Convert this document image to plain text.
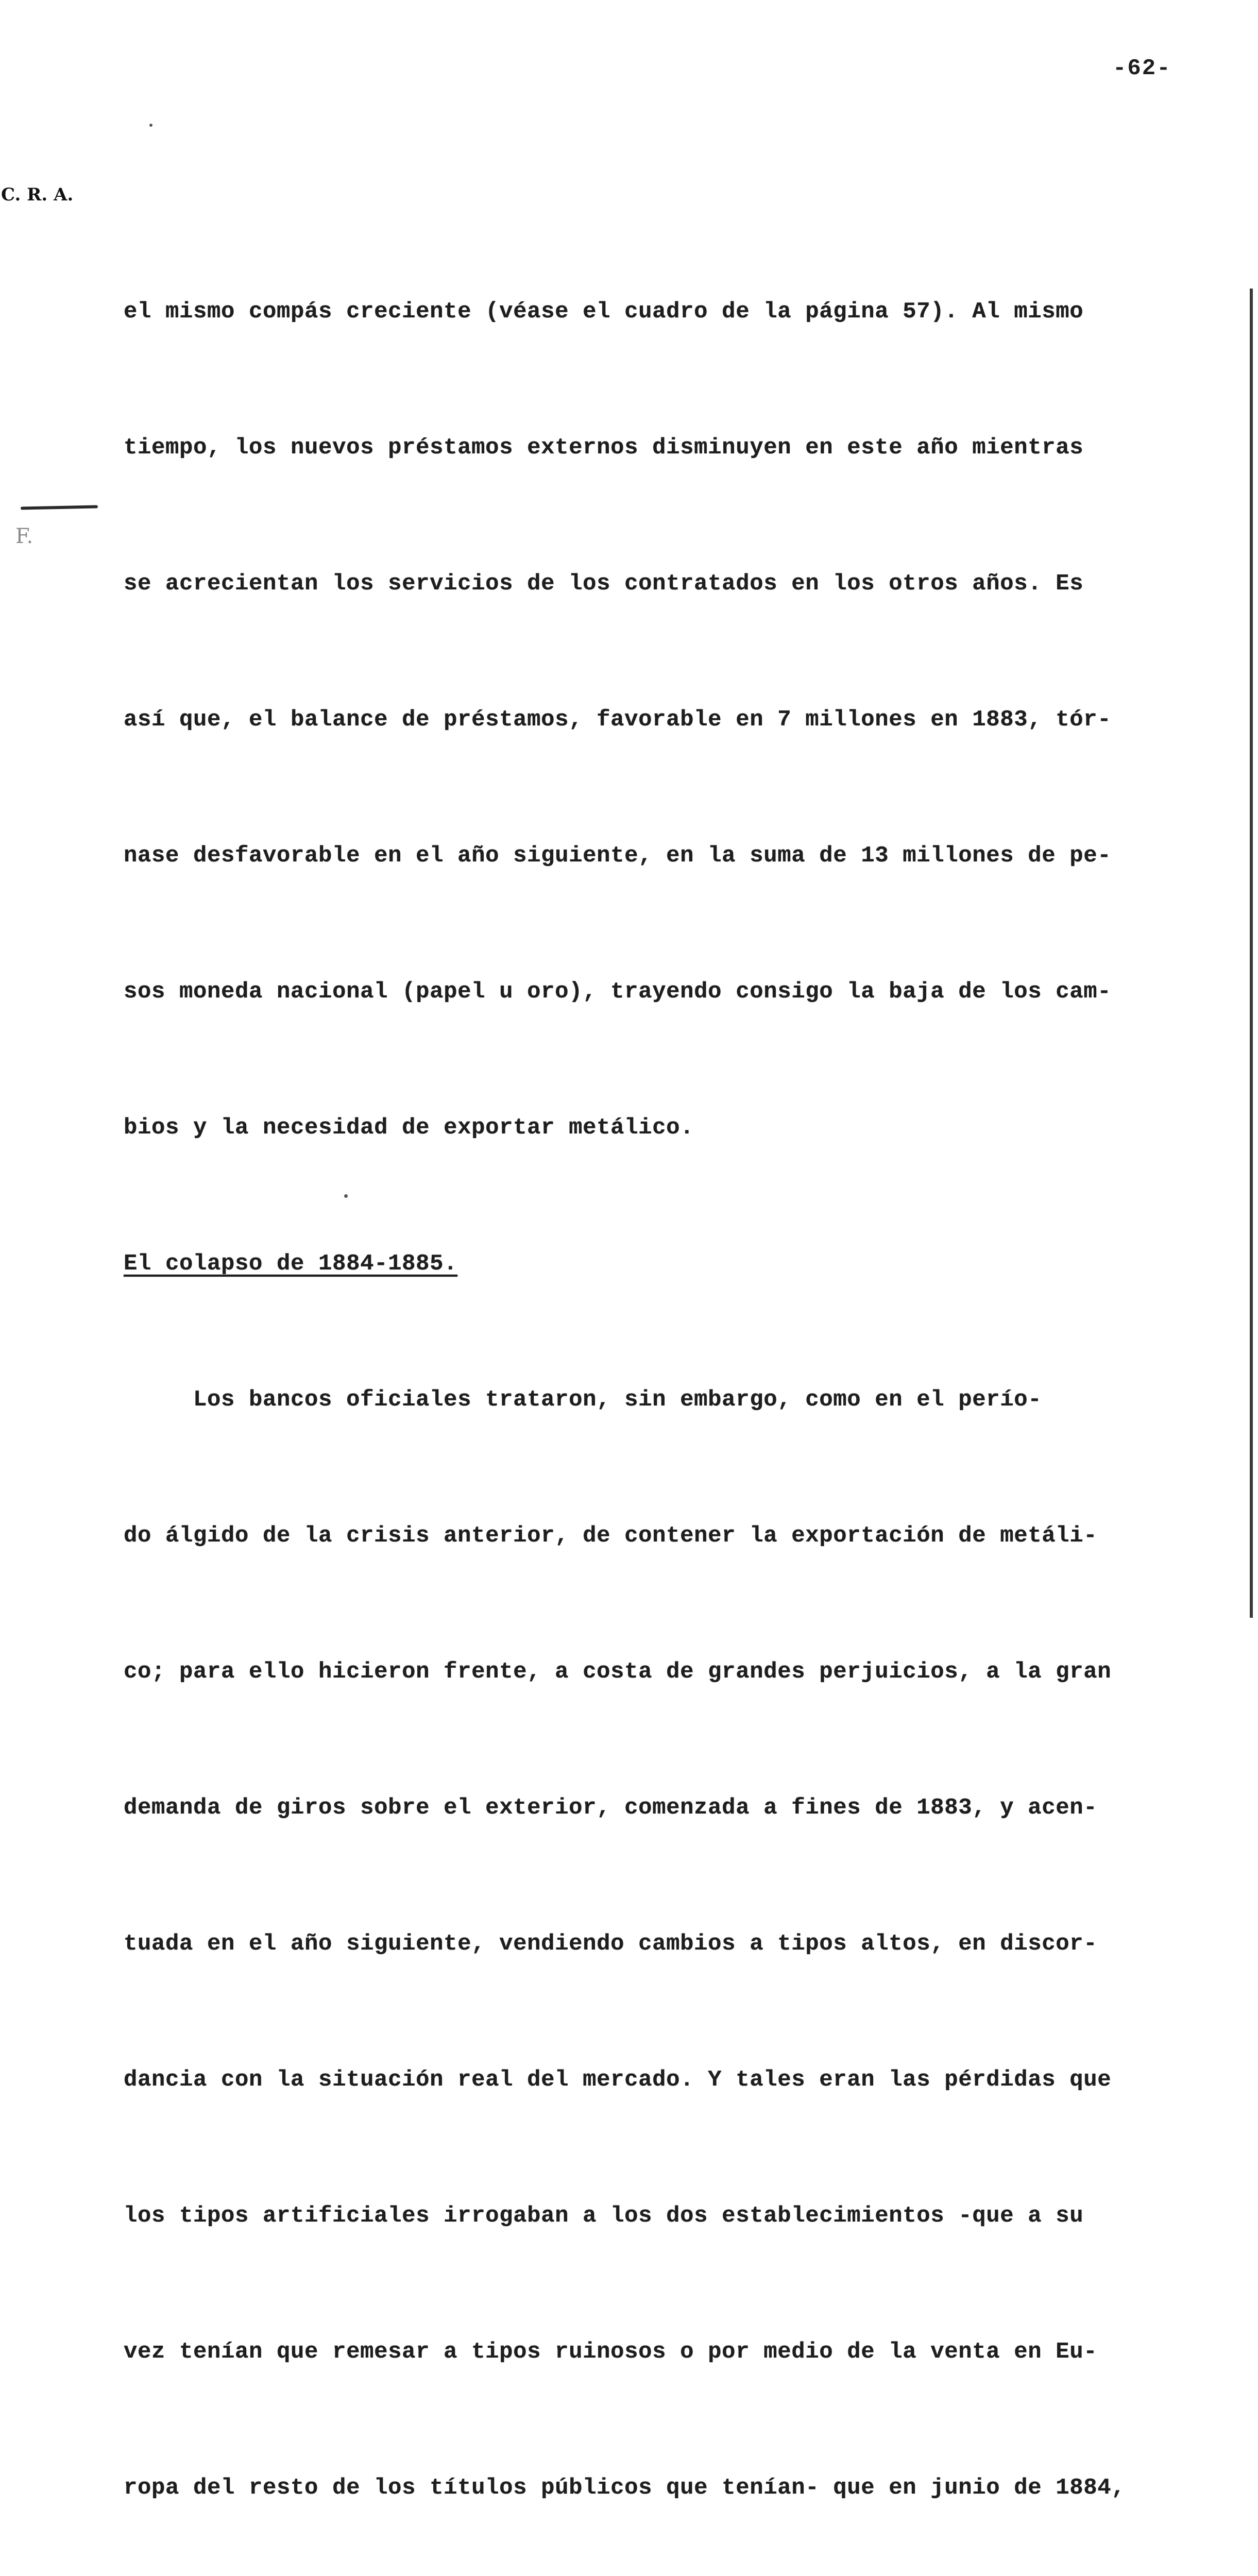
-62-
C. R. A.
F.

el mismo compás creciente (véase el cuadro de la página 57). Al mismo

tiempo, los nuevos préstamos externos disminuyen en este año mientras

se acrecientan los servicios de los contratados en los otros años. Es

así que, el balance de préstamos, favorable en 7 millones en 1883, tór-

nase desfavorable en el año siguiente, en la suma de 13 millones de pe-

sos moneda nacional (papel u oro), trayendo consigo la baja de los cam-

bios y la necesidad de exportar metálico.

El colapso de 1884-1885.

Los bancos oficiales trataron, sin embargo, como en el perío-

do álgido de la crisis anterior, de contener la exportación de metáli-

co; para ello hicieron frente, a costa de grandes perjuicios, a la gran

demanda de giros sobre el exterior, comenzada a fines de 1883, y acen-

tuada en el año siguiente, vendiendo cambios a tipos altos, en discor-

dancia con la situación real del mercado. Y tales eran las pérdidas que

los tipos artificiales irrogaban a los dos establecimientos -que a su

vez tenían que remesar a tipos ruinosos o por medio de la venta en Eu-

ropa del resto de los títulos públicos que tenían- que en junio de 1884,
